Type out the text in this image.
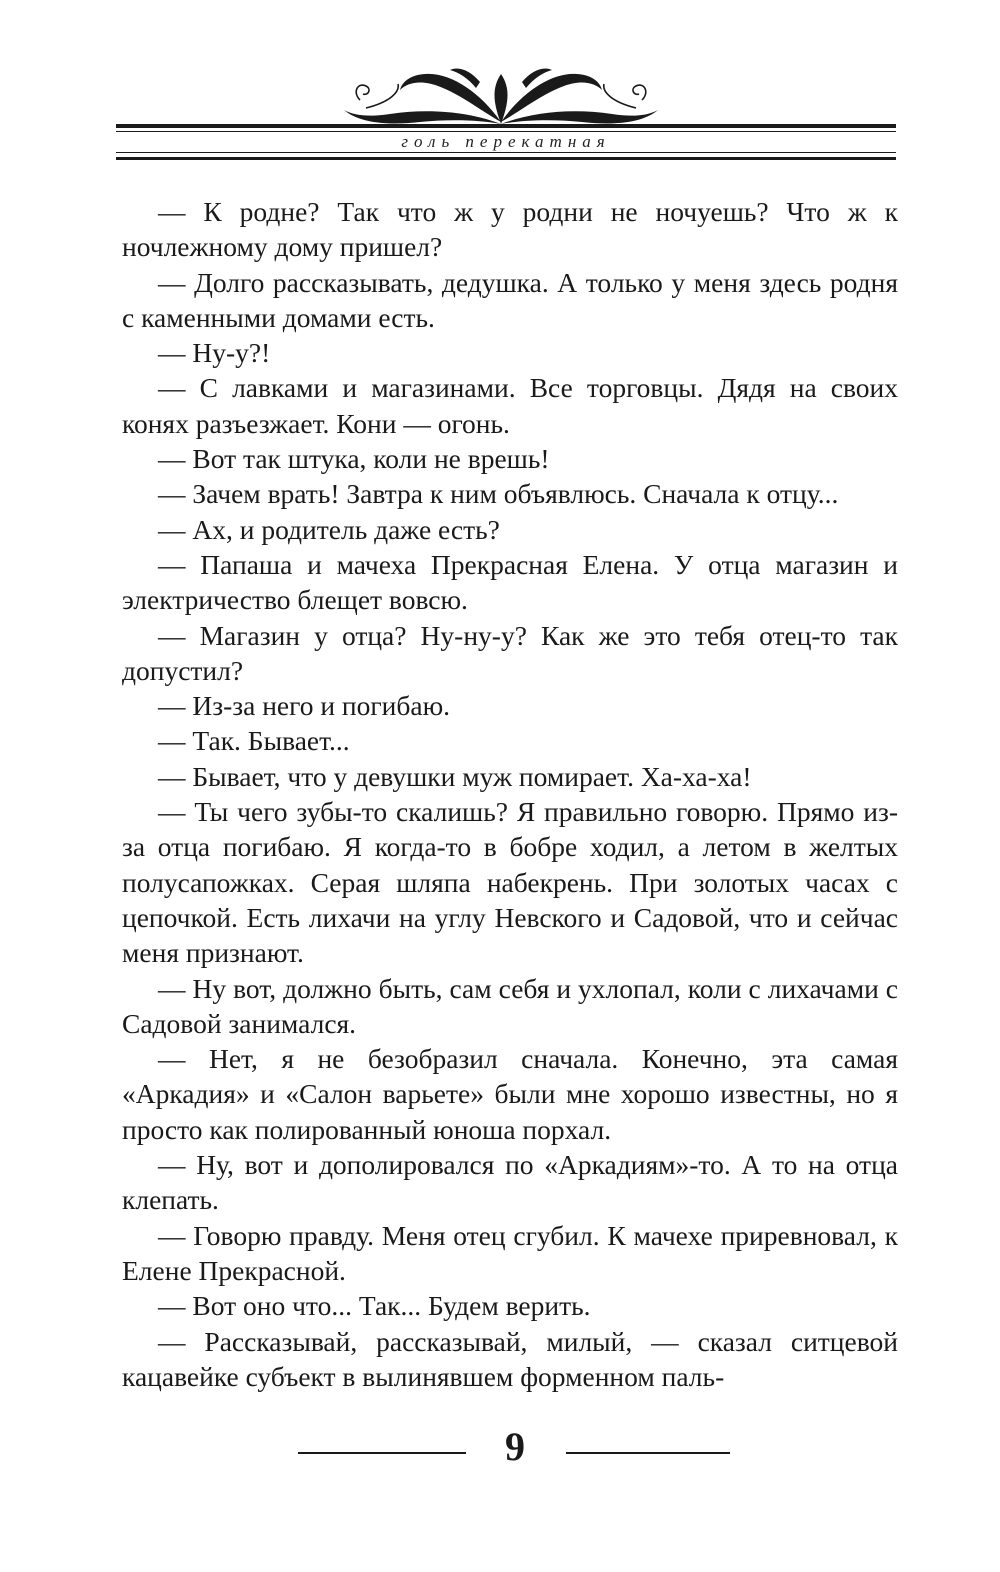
голь перекатная

— К родне? Так что ж у родни не ночуешь? Что ж к ночлежному дому пришел?

— Долго рассказывать, дедушка. А только у меня здесь родня с каменными домами есть.

— Ну-у?!

— С лавками и магазинами. Все торговцы. Дядя на своих конях разъезжает. Кони — огонь.

— Вот так штука, коли не врешь!

— Зачем врать! Завтра к ним объявлюсь. Сначала к отцу...

— Ах, и родитель даже есть?

— Папаша и мачеха Прекрасная Елена. У отца магазин и электричество блещет вовсю.

— Магазин у отца? Ну-ну-у? Как же это тебя отец-то так допустил?

— Из-за него и погибаю.

— Так. Бывает...

— Бывает, что у девушки муж помирает. Ха-ха-ха!

— Ты чего зубы-то скалишь? Я правильно говорю. Прямо из-за отца погибаю. Я когда-то в бобре ходил, а летом в желтых полусапожках. Серая шляпа набекрень. При золотых часах с цепочкой. Есть лихачи на углу Невского и Садовой, что и сейчас меня признают.

— Ну вот, должно быть, сам себя и ухлопал, коли с лихачами с Садовой занимался.

— Нет, я не безобразил сначала. Конечно, эта самая «Аркадия» и «Салон варьете» были мне хорошо известны, но я просто как полированный юноша порхал.

— Ну, вот и дополировался по «Аркадиям»-то. А то на отца клепать.

— Говорю правду. Меня отец сгубил. К мачехе приревновал, к Елене Прекрасной.

— Вот оно что... Так... Будем верить.

— Рассказывай, рассказывай, милый, — сказал ситцевой кацавейке субъект в вылинявшем форменном паль-

9
